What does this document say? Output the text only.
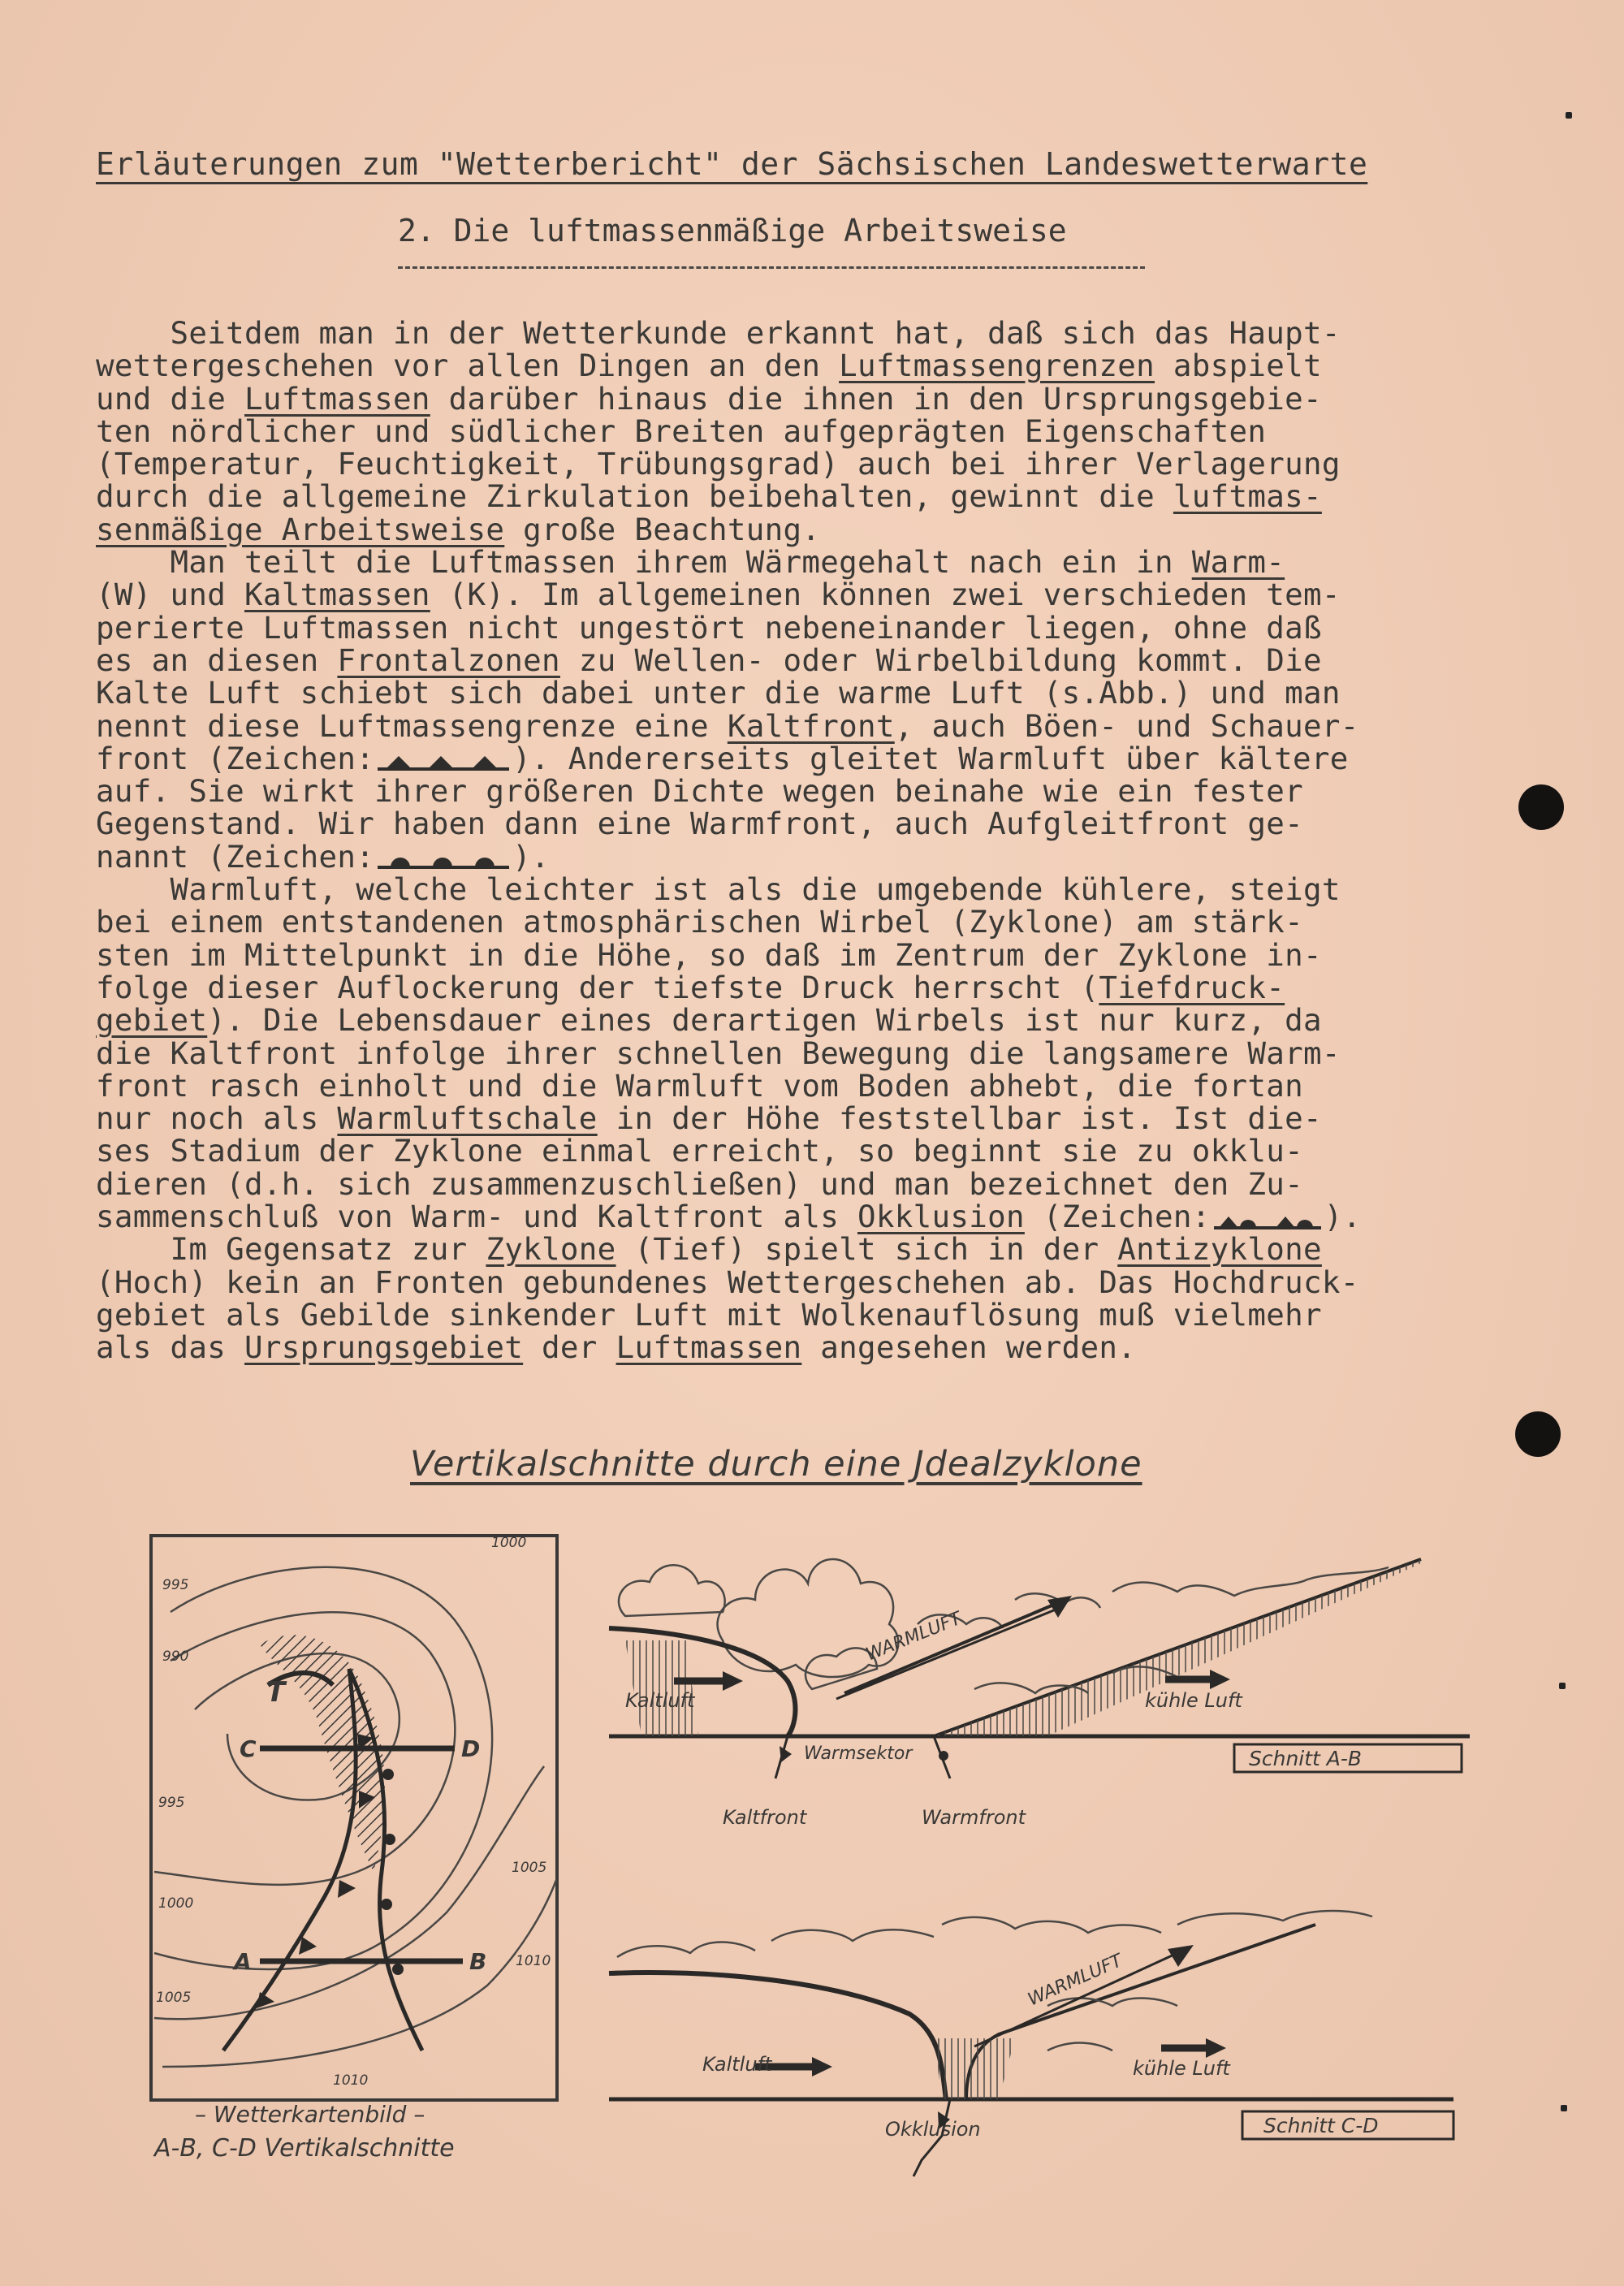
Erläuterungen zum "Wetterbericht" der Sächsischen Landeswetterwarte
2. Die luftmassenmäßige Arbeitsweise
Seitdem man in der Wetterkunde erkannt hat, daß sich das Haupt-
wettergeschehen vor allen Dingen an den Luftmassengrenzen abspielt
und die Luftmassen darüber hinaus die ihnen in den Ursprungsgebie-
ten nördlicher und südlicher Breiten aufgeprägten Eigenschaften
(Temperatur, Feuchtigkeit, Trübungsgrad) auch bei ihrer Verlagerung
durch die allgemeine Zirkulation beibehalten, gewinnt die luftmas-
senmäßige Arbeitsweise große Beachtung.
Man teilt die Luftmassen ihrem Wärmegehalt nach ein in Warm-
(W) und Kaltmassen (K). Im allgemeinen können zwei verschieden tem-
perierte Luftmassen nicht ungestört nebeneinander liegen, ohne daß
es an diesen Frontalzonen zu Wellen- oder Wirbelbildung kommt. Die
Kalte Luft schiebt sich dabei unter die warme Luft (s.Abb.) und man
nennt diese Luftmassengrenze eine Kaltfront, auch Böen- und Schauer-
front (Zeichen:	). Andererseits gleitet Warmluft über kältere
auf. Sie wirkt ihrer größeren Dichte wegen beinahe wie ein fester
Gegenstand. Wir haben dann eine Warmfront, auch Aufgleitfront ge-
nannt (Zeichen:	).
Warmluft, welche leichter ist als die umgebende kühlere, steigt
bei einem entstandenen atmosphärischen Wirbel (Zyklone) am stärk-
sten im Mittelpunkt in die Höhe, so daß im Zentrum der Zyklone in-
folge dieser Auflockerung der tiefste Druck herrscht (Tiefdruck-
gebiet). Die Lebensdauer eines derartigen Wirbels ist nur kurz, da
die Kaltfront infolge ihrer schnellen Bewegung die langsamere Warm-
front rasch einholt und die Warmluft vom Boden abhebt, die fortan
nur noch als Warmluftschale in der Höhe feststellbar ist. Ist die-
ses Stadium der Zyklone einmal erreicht, so beginnt sie zu okklu-
dieren (d.h. sich zusammenzuschließen) und man bezeichnet den Zu-
sammenschluß von Warm- und Kaltfront als Okklusion (Zeichen:	).
Im Gegensatz zur Zyklone (Tief) spielt sich in der Antizyklone
(Hoch) kein an Fronten gebundenes Wettergeschehen ab. Das Hochdruck-
gebiet als Gebilde sinkender Luft mit Wolkenauflösung muß vielmehr
als das Ursprungsgebiet der Luftmassen angesehen werden.
Vertikalschnitte durch eine Jdealzyklone
T
C	D
A	B
1000
995
990
995
1000
1005
1010
1005
1010
– Wetterkartenbild –
A-B, C-D Vertikalschnitte
WARMLUFT
Kaltluft	kühle Luft
Warmsektor
Kaltfront	Warmfront
Schnitt A-B
WARMLUFT
Kaltluft	kühle Luft
Okklusion	Schnitt C-D
